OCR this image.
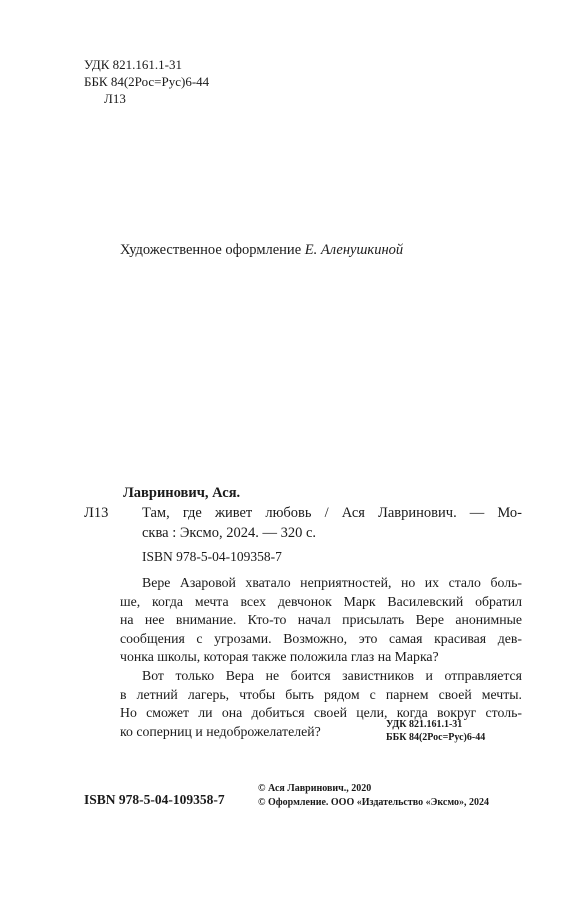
УДК 821.161.1-31
ББК 84(2Рос=Рус)6-44
Л13
Художественное оформление Е. Аленушкиной
Лавринович, Ася.
Л13 Там, где живет любовь / Ася Лавринович. — Мо-
сква : Эксмо, 2024. — 320 с.
ISBN 978-5-04-109358-7
Вере Азаровой хватало неприятностей, но их стало боль-
ше, когда мечта всех девчонок Марк Василевский обратил
на нее внимание. Кто-то начал присылать Вере анонимные
сообщения с угрозами. Возможно, это самая красивая дев-
чонка школы, которая также положила глаз на Марка?
Вот только Вера не боится завистников и отправляется
в летний лагерь, чтобы быть рядом с парнем своей мечты.
Но сможет ли она добиться своей цели, когда вокруг столь-
ко соперниц и недоброжелателей?	УДК 821.161.1-31
ББК 84(2Рос=Рус)6-44
ISBN 978-5-04-109358-7
© Ася Лавринович., 2020
© Оформление. ООО «Издательство «Эксмо», 2024
